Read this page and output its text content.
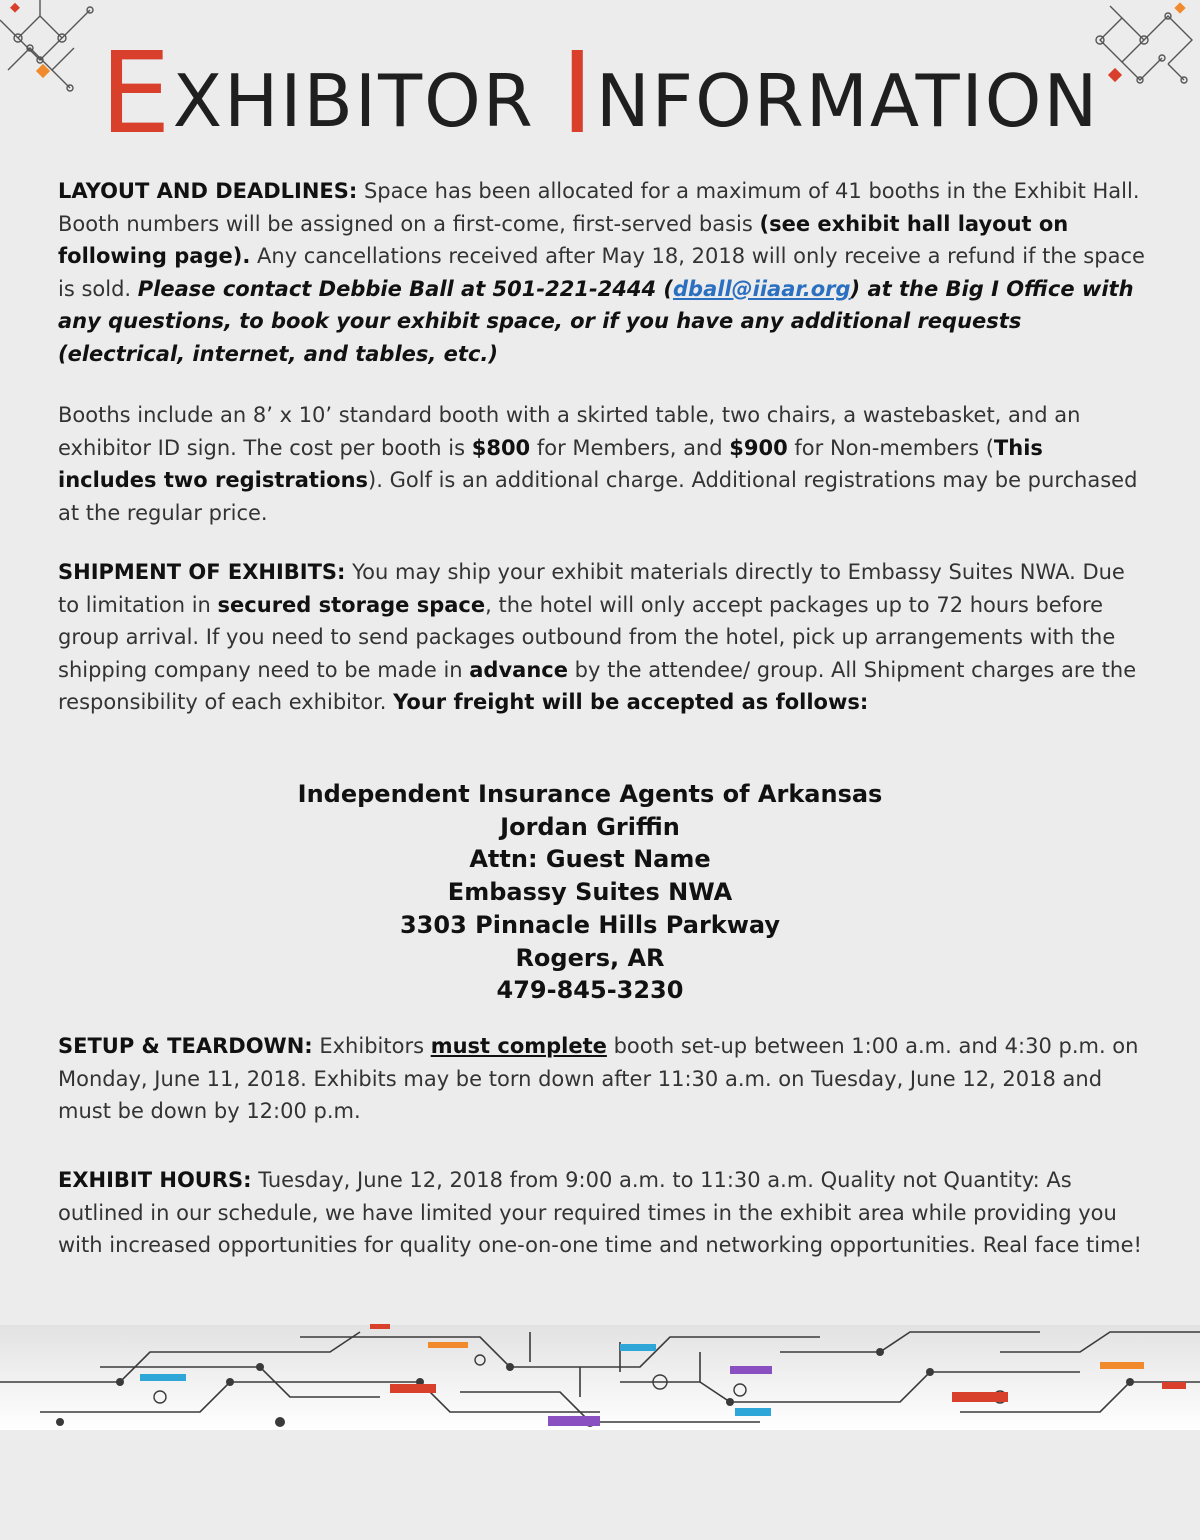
EXHIBITOR INFORMATION
LAYOUT AND DEADLINES: Space has been allocated for a maximum of 41 booths in the Exhibit Hall. Booth numbers will be assigned on a first-come, first-served basis (see exhibit hall layout on following page). Any cancellations received after May 18, 2018 will only receive a refund if the space is sold. Please contact Debbie Ball at 501-221-2444 (dball@iiaar.org) at the Big I Office with any questions, to book your exhibit space, or if you have any additional requests (electrical, internet, and tables, etc.)
Booths include an 8’ x 10’ standard booth with a skirted table, two chairs, a wastebasket, and an exhibitor ID sign. The cost per booth is $800 for Members, and $900 for Non-members (This includes two registrations). Golf is an additional charge. Additional registrations may be purchased at the regular price.
SHIPMENT OF EXHIBITS: You may ship your exhibit materials directly to Embassy Suites NWA. Due to limitation in secured storage space, the hotel will only accept packages up to 72 hours before group arrival. If you need to send packages outbound from the hotel, pick up arrangements with the shipping company need to be made in advance by the attendee/ group. All Shipment charges are the responsibility of each exhibitor. Your freight will be accepted as follows:
Independent Insurance Agents of Arkansas
Jordan Griffin
Attn: Guest Name
Embassy Suites NWA
3303 Pinnacle Hills Parkway
Rogers, AR
479-845-3230
SETUP & TEARDOWN: Exhibitors must complete booth set-up between 1:00 a.m. and 4:30 p.m. on Monday, June 11, 2018. Exhibits may be torn down after 11:30 a.m. on Tuesday, June 12, 2018 and must be down by 12:00 p.m.
EXHIBIT HOURS: Tuesday, June 12, 2018 from 9:00 a.m. to 11:30 a.m. Quality not Quantity: As outlined in our schedule, we have limited your required times in the exhibit area while providing you with increased opportunities for quality one-on-one time and networking opportunities. Real face time!
